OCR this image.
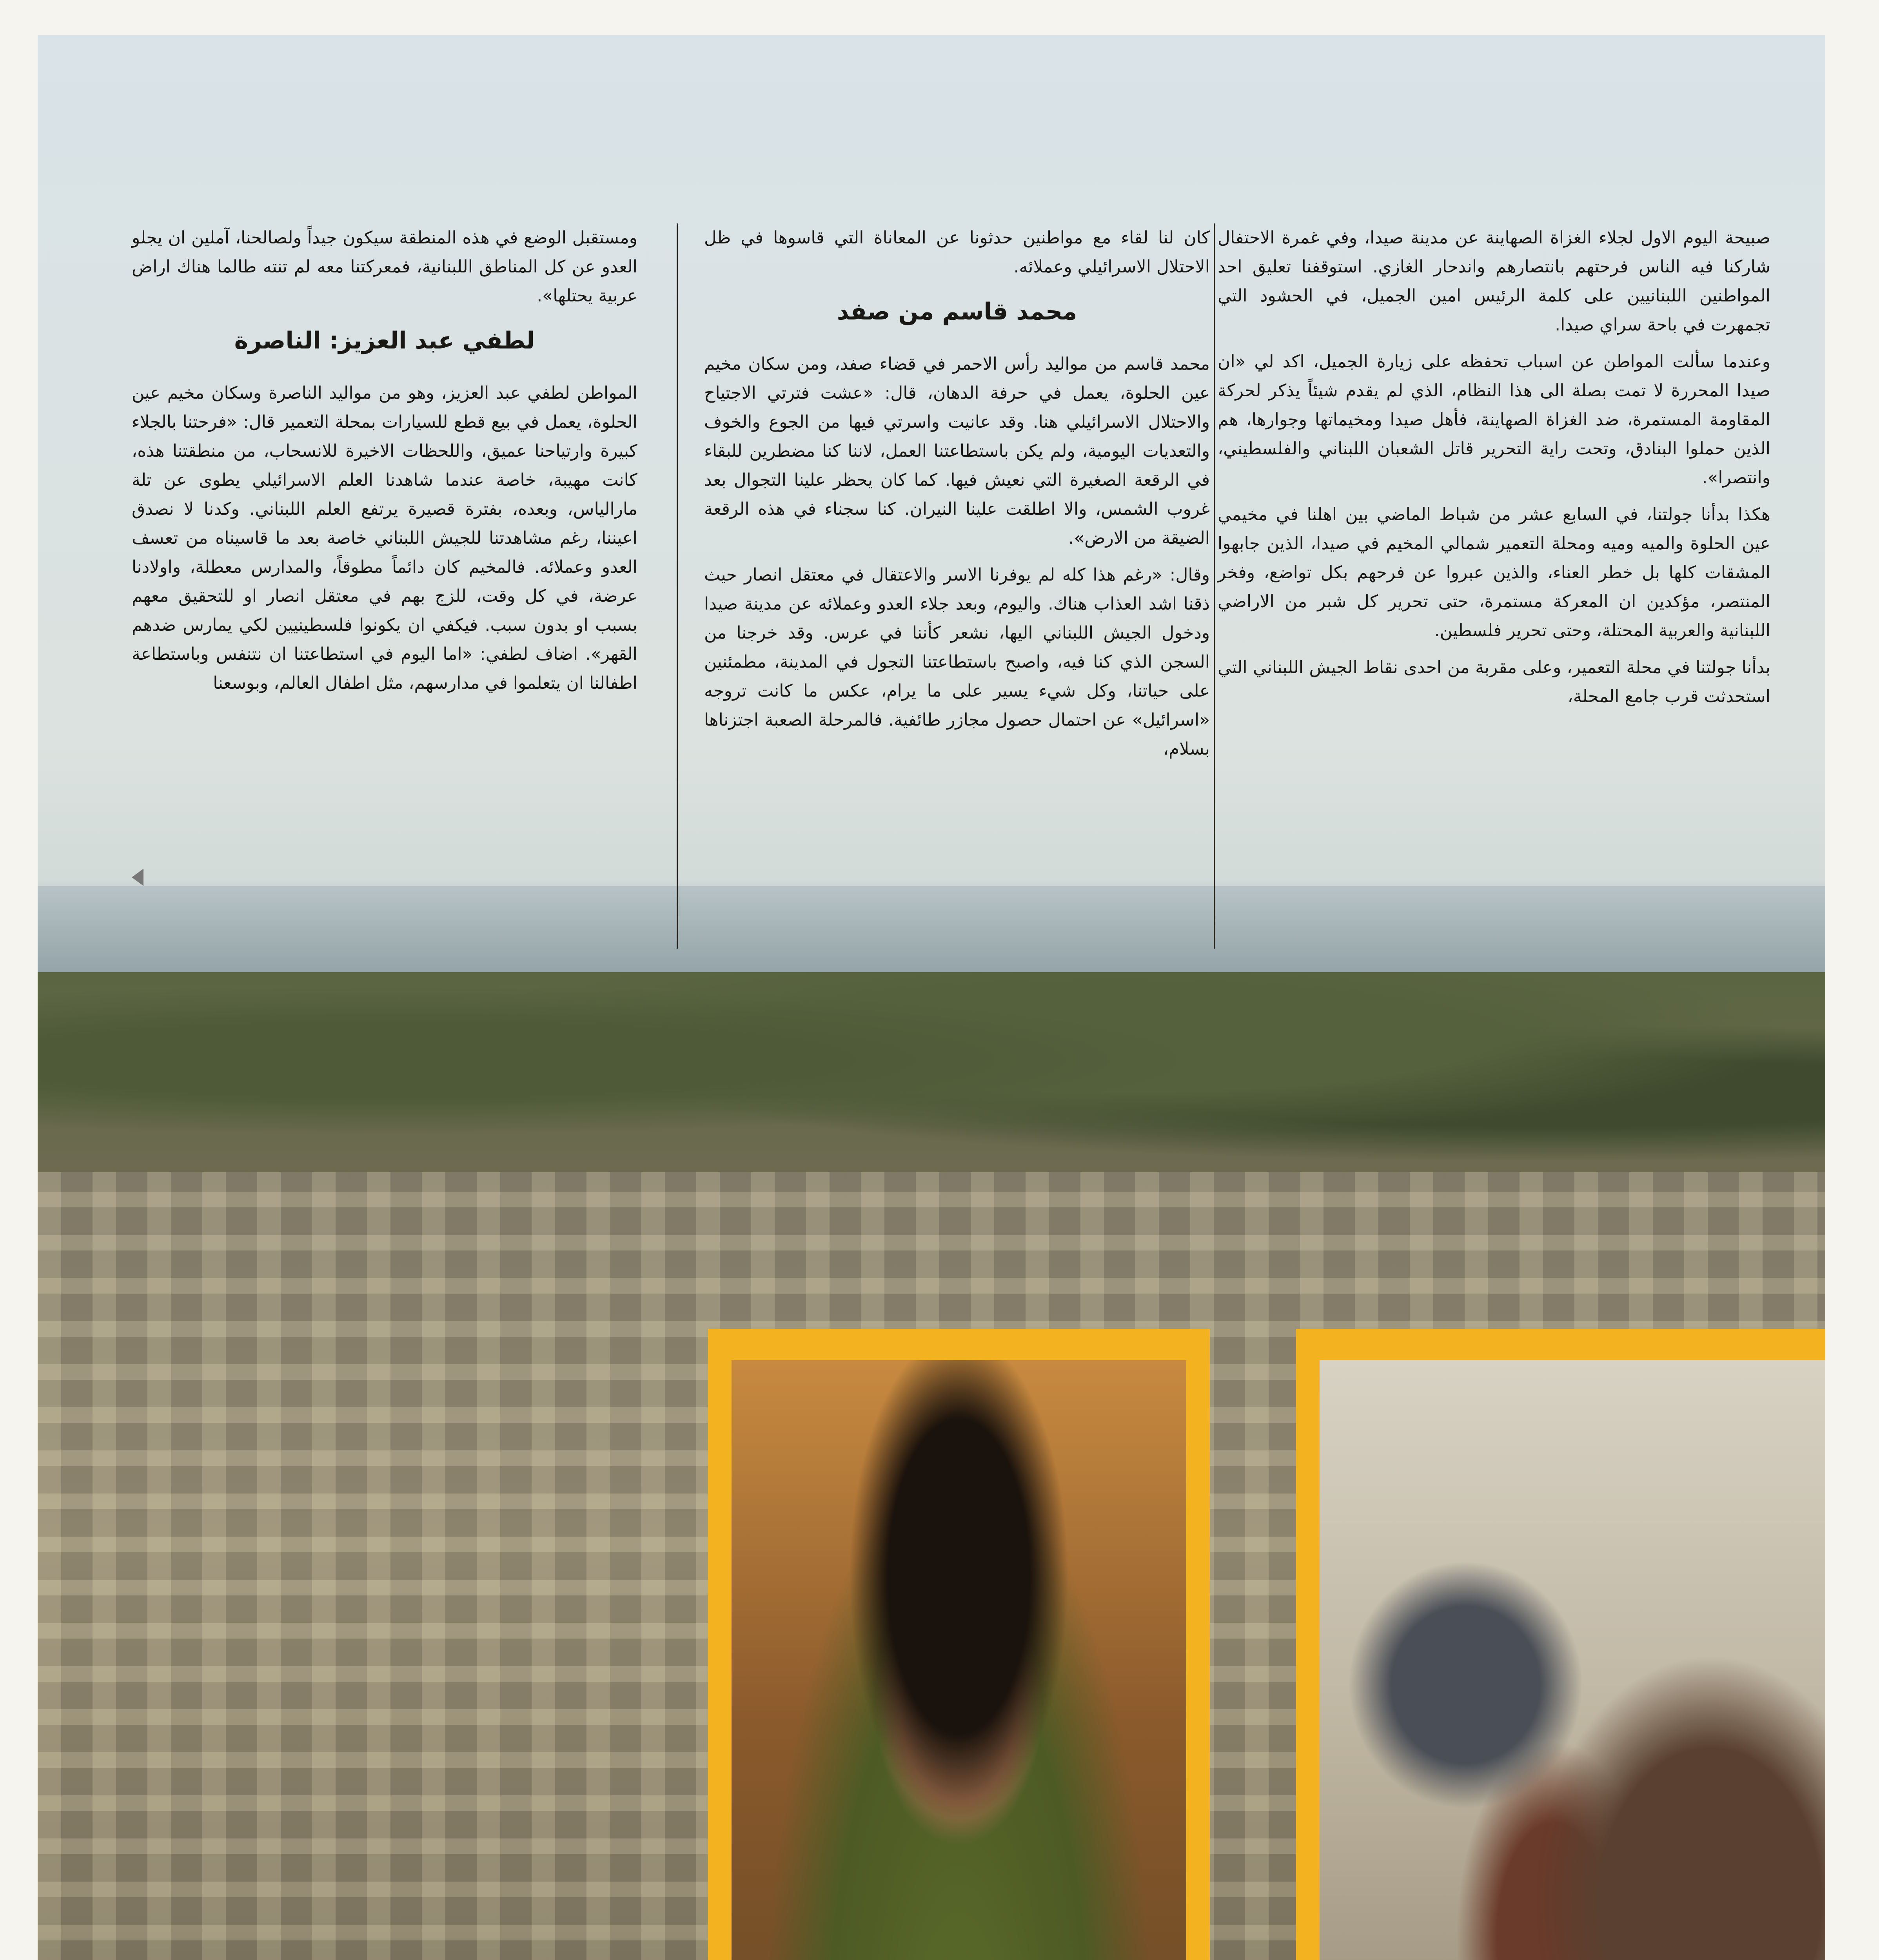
صبيحة اليوم الاول لجلاء الغزاة الصهاينة عن مدينة صيدا، وفي غمرة الاحتفال شاركنا فيه الناس فرحتهم بانتصارهم واندحار الغازي. استوقفنا تعليق احد المواطنين اللبنانيين على كلمة الرئيس امين الجميل، في الحشود التي تجمهرت في باحة سراي صيدا.

وعندما سألت المواطن عن اسباب تحفظه على زيارة الجميل، اكد لي «ان صيدا المحررة لا تمت بصلة الى هذا النظام، الذي لم يقدم شيئاً يذكر لحركة المقاومة المستمرة، ضد الغزاة الصهاينة، فأهل صيدا ومخيماتها وجوارها، هم الذين حملوا البنادق، وتحت راية التحرير قاتل الشعبان اللبناني والفلسطيني، وانتصرا».

هكذا بدأنا جولتنا، في السابع عشر من شباط الماضي بين اهلنا في مخيمي عين الحلوة والميه وميه ومحلة التعمير شمالي المخيم في صيدا، الذين جابهوا المشقات كلها بل خطر العناء، والذين عبروا عن فرحهم بكل تواضع، وفخر المنتصر، مؤكدين ان المعركة مستمرة، حتى تحرير كل شبر من الاراضي اللبنانية والعربية المحتلة، وحتى تحرير فلسطين.

بدأنا جولتنا في محلة التعمير، وعلى مقربة من احدى نقاط الجيش اللبناني التي استحدثت قرب جامع المحلة،

كان لنا لقاء مع مواطنين حدثونا عن المعاناة التي قاسوها في ظل الاحتلال الاسرائيلي وعملائه.

محمد قاسم من صفد

محمد قاسم من مواليد رأس الاحمر في قضاء صفد، ومن سكان مخيم عين الحلوة، يعمل في حرفة الدهان، قال: «عشت فترتي الاجتياح والاحتلال الاسرائيلي هنا. وقد عانيت واسرتي فيها من الجوع والخوف والتعديات اليومية، ولم يكن باستطاعتنا العمل، لاننا كنا مضطرين للبقاء في الرقعة الصغيرة التي نعيش فيها. كما كان يحظر علينا التجوال بعد غروب الشمس، والا اطلقت علينا النيران. كنا سجناء في هذه الرقعة الضيقة من الارض».

وقال: «رغم هذا كله لم يوفرنا الاسر والاعتقال في معتقل انصار حيث ذقنا اشد العذاب هناك. واليوم، وبعد جلاء العدو وعملائه عن مدينة صيدا ودخول الجيش اللبناني اليها، نشعر كأننا في عرس. وقد خرجنا من السجن الذي كنا فيه، واصبح باستطاعتنا التجول في المدينة، مطمئنين على حياتنا، وكل شيء يسير على ما يرام، عكس ما كانت تروجه «اسرائيل» عن احتمال حصول مجازر طائفية. فالمرحلة الصعبة اجتزناها بسلام،

ومستقبل الوضع في هذه المنطقة سيكون جيداً ولصالحنا، آملين ان يجلو العدو عن كل المناطق اللبنانية، فمعركتنا معه لم تنته طالما هناك اراض عربية يحتلها».

لطفي عبد العزيز: الناصرة

المواطن لطفي عبد العزيز، وهو من مواليد الناصرة وسكان مخيم عين الحلوة، يعمل في بيع قطع للسيارات بمحلة التعمير قال: «فرحتنا بالجلاء كبيرة وارتياحنا عميق، واللحظات الاخيرة للانسحاب، من منطقتنا هذه، كانت مهيبة، خاصة عندما شاهدنا العلم الاسرائيلي يطوى عن تلة مارالياس، وبعده، بفترة قصيرة يرتفع العلم اللبناني. وكدنا لا نصدق اعيننا، رغم مشاهدتنا للجيش اللبناني خاصة بعد ما قاسيناه من تعسف العدو وعملائه. فالمخيم كان دائماً مطوقاً، والمدارس معطلة، واولادنا عرضة، في كل وقت، للزج بهم في معتقل انصار او للتحقيق معهم بسبب او بدون سبب. فيكفي ان يكونوا فلسطينيين لكي يمارس ضدهم القهر». اضاف لطفي: «اما اليوم في استطاعتنا ان نتنفس وباستطاعة اطفالنا ان يتعلموا في مدارسهم، مثل اطفال العالم، وبوسعنا
